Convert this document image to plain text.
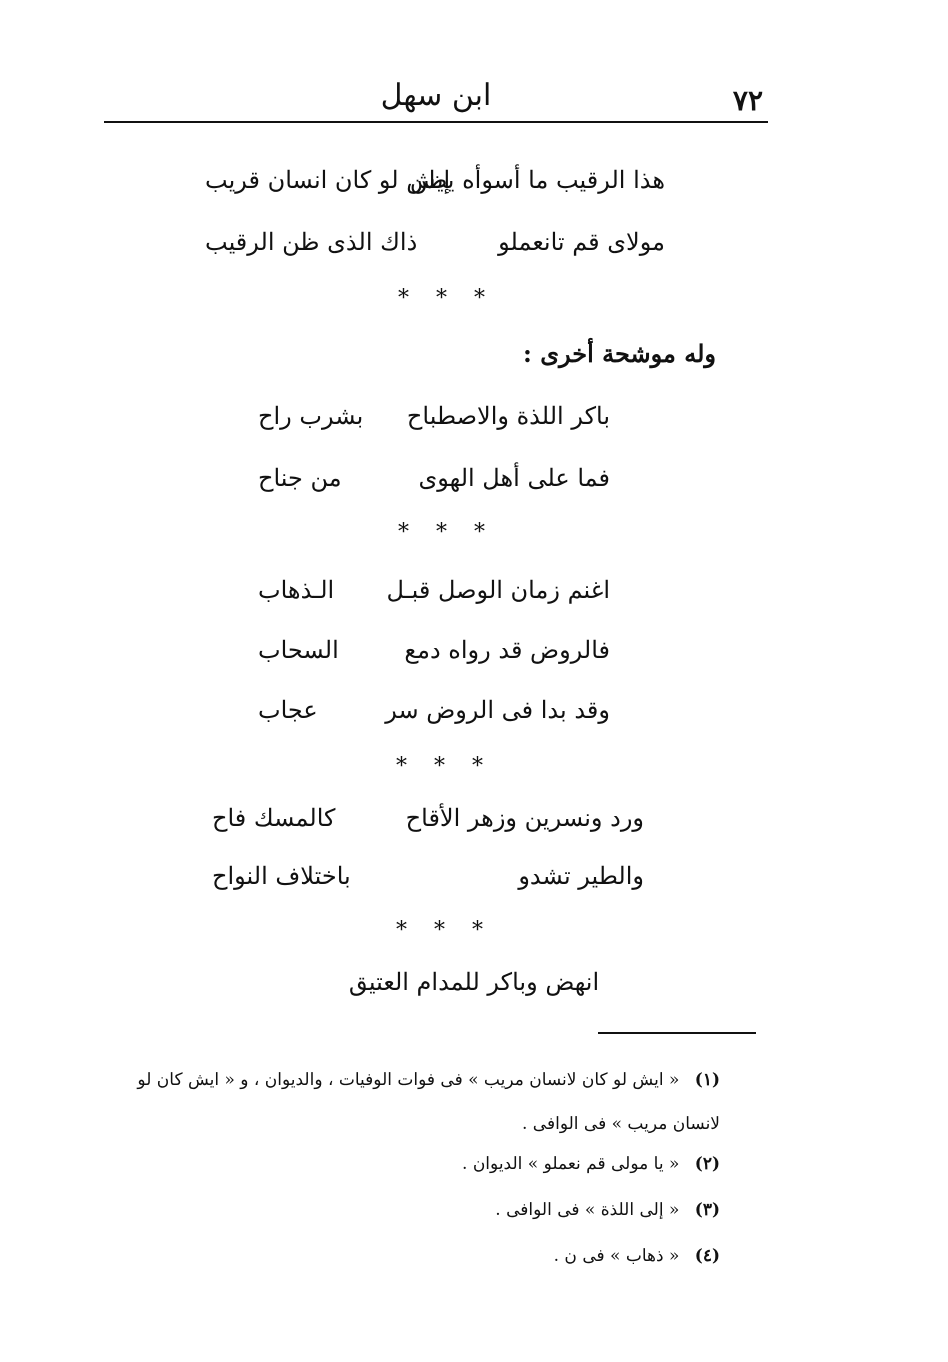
٧٢
ابن سهل
هذا الرقيب ما أسوأه يظن
إيش لو كان انسان قريب
مولاى قم تانعملو
ذاك الذى ظن الرقيب
* * *
وله موشحة أخرى :
باكر اللذة والاصطباح
بشرب راح
فما على أهل الهوى
من جناح
* * *
اغنم زمان الوصل قبـل
الـذهاب
فالروض قد رواه دمع
السحاب
وقد بدا فى الروض سر
عجاب
* * *
ورد ونسرين وزهر الأقاح
كالمسك فاح
والطير تشدو
باختلاف النواح
* * *
انهض وباكر للمدام العتيق
(١) « ايش لو كان لانسان مريب » فى فوات الوفيات ، والديوان ، و « ايش كان لو لانسان مريب » فى الوافى .
(٢) « يا مولى قم نعملو » الديوان .
(٣) « إلى اللذة » فى الوافى .
(٤) « ذهاب » فى ن .
